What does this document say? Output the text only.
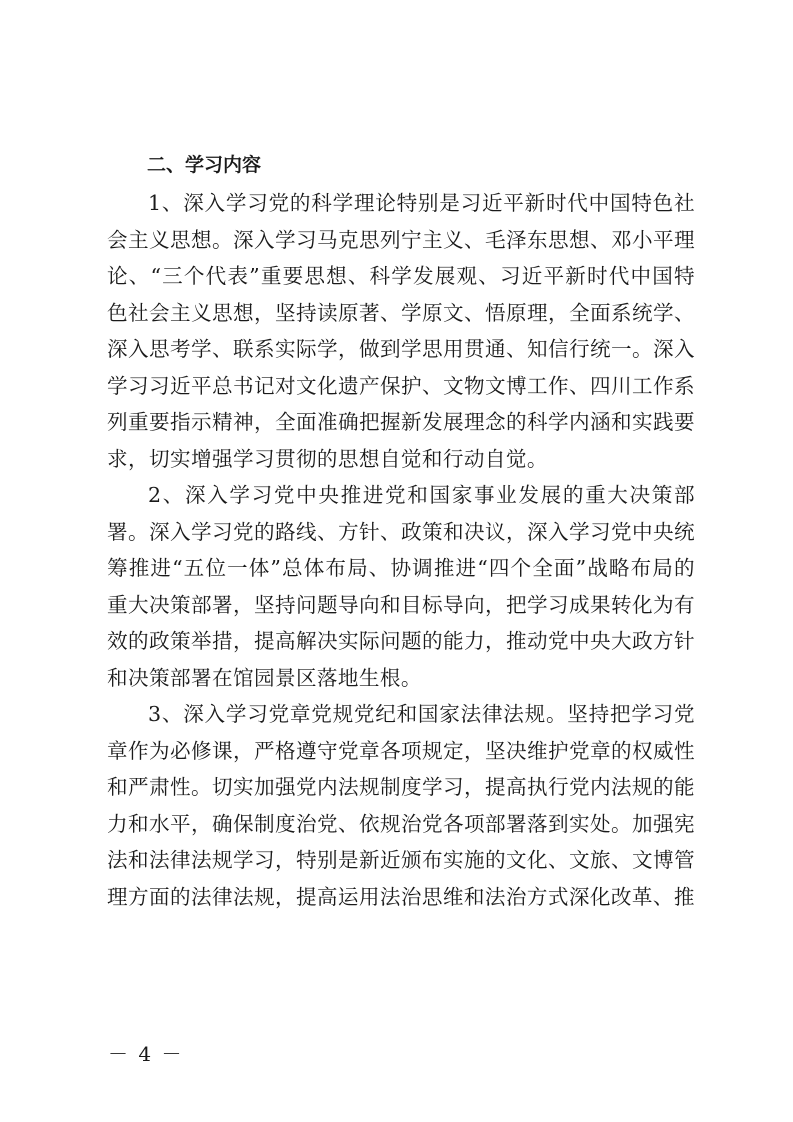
二、学习内容

1、深入学习党的科学理论特别是习近平新时代中国特色社会主义思想。深入学习马克思列宁主义、毛泽东思想、邓小平理论、“三个代表”重要思想、科学发展观、习近平新时代中国特色社会主义思想，坚持读原著、学原文、悟原理，全面系统学、深入思考学、联系实际学，做到学思用贯通、知信行统一。深入学习习近平总书记对文化遗产保护、文物文博工作、四川工作系列重要指示精神，全面准确把握新发展理念的科学内涵和实践要求，切实增强学习贯彻的思想自觉和行动自觉。

2、深入学习党中央推进党和国家事业发展的重大决策部署。深入学习党的路线、方针、政策和决议，深入学习党中央统筹推进“五位一体”总体布局、协调推进“四个全面”战略布局的重大决策部署，坚持问题导向和目标导向，把学习成果转化为有效的政策举措，提高解决实际问题的能力，推动党中央大政方针和决策部署在馆园景区落地生根。

3、深入学习党章党规党纪和国家法律法规。坚持把学习党章作为必修课，严格遵守党章各项规定，坚决维护党章的权威性和严肃性。切实加强党内法规制度学习，提高执行党内法规的能力和水平，确保制度治党、依规治党各项部署落到实处。加强宪法和法律法规学习，特别是新近颁布实施的文化、文旅、文博管理方面的法律法规，提高运用法治思维和法治方式深化改革、推

－ 4 －
